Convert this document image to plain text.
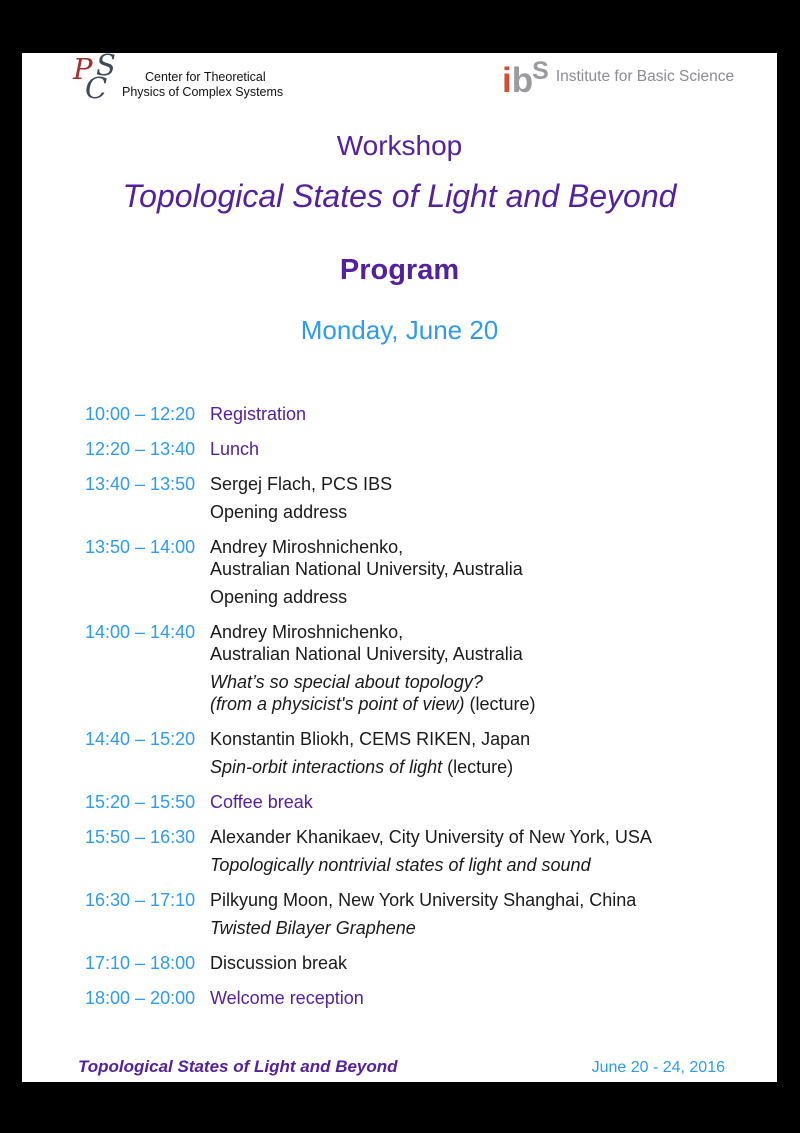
P S
C	Center for Theoretical
Physics of Complex Systems	ibS Institute for Basic Science
Workshop
Topological States of Light and Beyond
Program
Monday, June 20
10:00 – 12:20 Registration
12:20 – 13:40 Lunch
13:40 – 13:50 Sergej Flach, PCS IBS
Opening address
13:50 – 14:00 Andrey Miroshnichenko,
Australian National University, Australia
Opening address
14:00 – 14:40 Andrey Miroshnichenko,
Australian National University, Australia
What’s so special about topology?
(from a physicist's point of view) (lecture)
14:40 – 15:20 Konstantin Bliokh, CEMS RIKEN, Japan
Spin-orbit interactions of light (lecture)
15:20 – 15:50 Coffee break
15:50 – 16:30 Alexander Khanikaev, City University of New York, USA
Topologically nontrivial states of light and sound
16:30 – 17:10 Pilkyung Moon, New York University Shanghai, China
Twisted Bilayer Graphene
17:10 – 18:00 Discussion break
18:00 – 20:00 Welcome reception
Topological States of Light and Beyond	June 20 - 24, 2016
